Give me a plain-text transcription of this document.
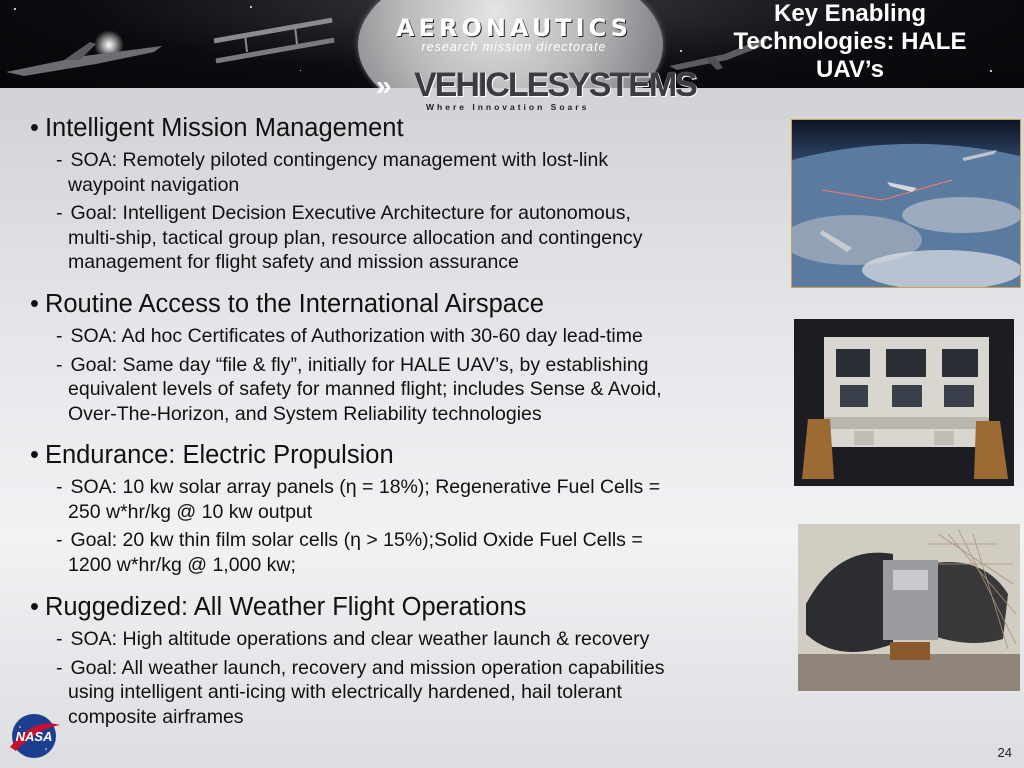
AERONAUTICS
research mission directorate
Key Enabling
Technologies: HALE
UAV’s
» VEHICLESYSTEMS
Where Innovation Soars
• Intelligent Mission Management
- SOA: Remotely piloted contingency management with lost-link
waypoint navigation
- Goal: Intelligent Decision Executive Architecture for autonomous,
multi-ship, tactical group plan, resource allocation and contingency
management for flight safety and mission assurance
• Routine Access to the International Airspace
- SOA: Ad hoc Certificates of Authorization with 30-60 day lead-time
- Goal: Same day “file & fly”, initially for HALE UAV’s, by establishing
equivalent levels of safety for manned flight; includes Sense & Avoid,
Over-The-Horizon, and System Reliability technologies
• Endurance: Electric Propulsion
- SOA: 10 kw solar array panels (η = 18%); Regenerative Fuel Cells =
250 w*hr/kg @ 10 kw output
- Goal: 20 kw thin film solar cells (η > 15%);Solid Oxide Fuel Cells =
1200 w*hr/kg @ 1,000 kw;
• Ruggedized: All Weather Flight Operations
- SOA: High altitude operations and clear weather launch & recovery
- Goal: All weather launch, recovery and mission operation capabilities
using intelligent anti-icing with electrically hardened, hail tolerant
composite airframes
NASA
24
